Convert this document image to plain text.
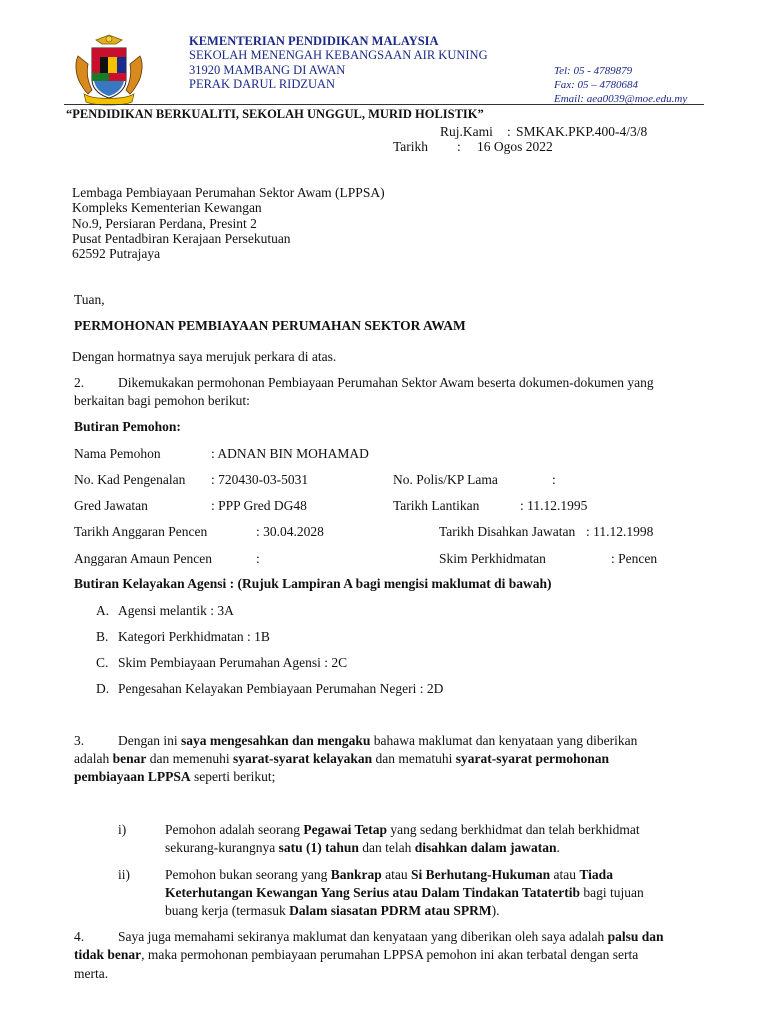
KEMENTERIAN PENDIDIKAN MALAYSIA
SEKOLAH MENENGAH KEBANGSAAN AIR KUNING
31920 MAMBANG DI AWAN
PERAK DARUL RIDZUAN
Tel: 05 - 4789879
Fax: 05 – 4780684
Email: aea0039@moe.edu.my
“PENDIDIKAN BERKUALITI, SEKOLAH UNGGUL, MURID HOLISTIK”
Ruj.Kami : SMKAK.PKP.400-4/3/8
Tarikh : 16 Ogos 2022
Lembaga Pembiayaan Perumahan Sektor Awam (LPPSA)
Kompleks Kementerian Kewangan
No.9, Persiaran Perdana, Presint 2
Pusat Pentadbiran Kerajaan Persekutuan
62592 Putrajaya
Tuan,
PERMOHONAN PEMBIAYAAN PERUMAHAN SEKTOR AWAM
Dengan hormatnya saya merujuk perkara di atas.
2.	Dikemukakan permohonan Pembiayaan Perumahan Sektor Awam beserta dokumen-dokumen yang
berkaitan bagi pemohon berikut:
Butiran Pemohon:
Nama Pemohon	: ADNAN BIN MOHAMAD
No. Kad Pengenalan : 720430-03-5031	No. Polis/KP Lama	:
Gred Jawatan	: PPP Gred DG48	Tarikh Lantikan	: 11.12.1995
Tarikh Anggaran Pencen	: 30.04.2028	Tarikh Disahkan Jawatan : 11.12.1998
Anggaran Amaun Pencen	:	Skim Perkhidmatan	: Pencen
Butiran Kelayakan Agensi : (Rujuk Lampiran A bagi mengisi maklumat di bawah)
A. Agensi melantik : 3A
B. Kategori Perkhidmatan : 1B
C. Skim Pembiayaan Perumahan Agensi : 2C
D. Pengesahan Kelayakan Pembiayaan Perumahan Negeri : 2D
3.	Dengan ini saya mengesahkan dan mengaku bahawa maklumat dan kenyataan yang diberikan
adalah benar dan memenuhi syarat-syarat kelayakan dan mematuhi syarat-syarat permohonan
pembiayaan LPPSA seperti berikut;
i)	Pemohon adalah seorang Pegawai Tetap yang sedang berkhidmat dan telah berkhidmat
sekurang-kurangnya satu (1) tahun dan telah disahkan dalam jawatan.
ii)	Pemohon bukan seorang yang Bankrap atau Si Berhutang-Hukuman atau Tiada
Keterhutangan Kewangan Yang Serius atau Dalam Tindakan Tatatertib bagi tujuan
buang kerja (termasuk Dalam siasatan PDRM atau SPRM).
4.	Saya juga memahami sekiranya maklumat dan kenyataan yang diberikan oleh saya adalah palsu dan
tidak benar, maka permohonan pembiayaan perumahan LPPSA pemohon ini akan terbatal dengan serta
merta.
